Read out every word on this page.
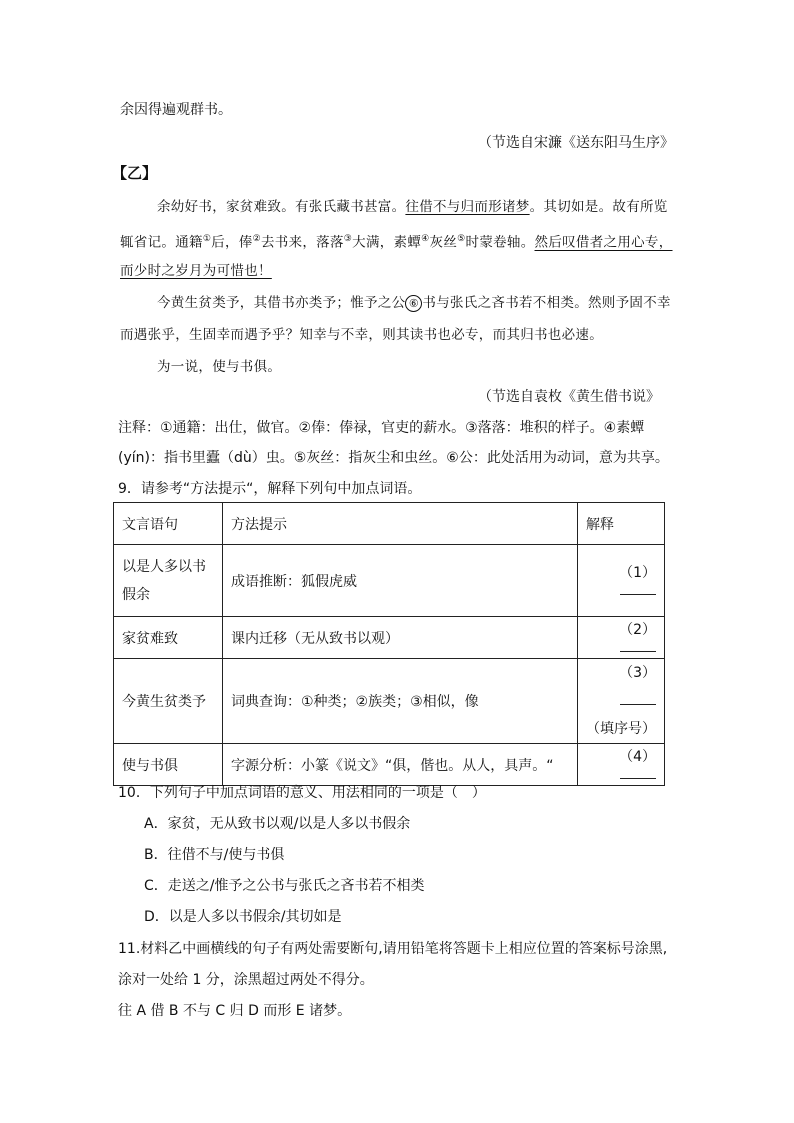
余因得遍观群书。
（节选自宋濂《送东阳马生序》
【乙】
余幼好书，家贫难致。有张氏藏书甚富。往借不与归而形诸梦。其切如是。故有所览
辄省记。通籍①后，俸②去书来，落落③大满，素蟫④灰丝⑤时蒙卷轴。然后叹借者之用心专，
而少时之岁月为可惜也！
今黄生贫类予，其借书亦类予；惟予之公 ⑥ 书与张氏之吝书若不相类。然则予固不幸
而遇张乎，生固幸而遇予乎？知幸与不幸，则其读书也必专，而其归书也必速。
为一说，使与书俱。
（节选自袁枚《黄生借书说》
注释：①通籍：出仕，做官。②俸：俸禄，官吏的薪水。③落落：堆积的样子。④素蟫
(yín)：指书里蠹（dù）虫。⑤灰丝：指灰尘和虫丝。⑥公：此处活用为动词，意为共享。
9．请参考“方法提示“，解释下列句中加点词语。
文言语句	方法提示	解释
以是人多以书假余	成语推断：狐假虎威	（1）
家贫难致	课内迁移（无从致书以观）	（2）
今黄生贫类予	词典查询：①种类；②族类；③相似，像	（3）
（填序号）
使与书俱	字源分析：小篆《说文》“俱，偕也。从人，具声。“	（4）
10．下列句子中加点词语的意义、用法相同的一项是（　）
A．家贫，无从致书以观/以是人多以书假余
B．往借不与/使与书俱
C．走送之/惟予之公书与张氏之吝书若不相类
D．以是人多以书假余/其切如是
11.材料乙中画横线的句子有两处需要断句,请用铅笔将答题卡上相应位置的答案标号涂黑,
涂对一处给 1 分，涂黑超过两处不得分。
往 A 借 B 不与 C 归 D 而形 E 诸梦。
